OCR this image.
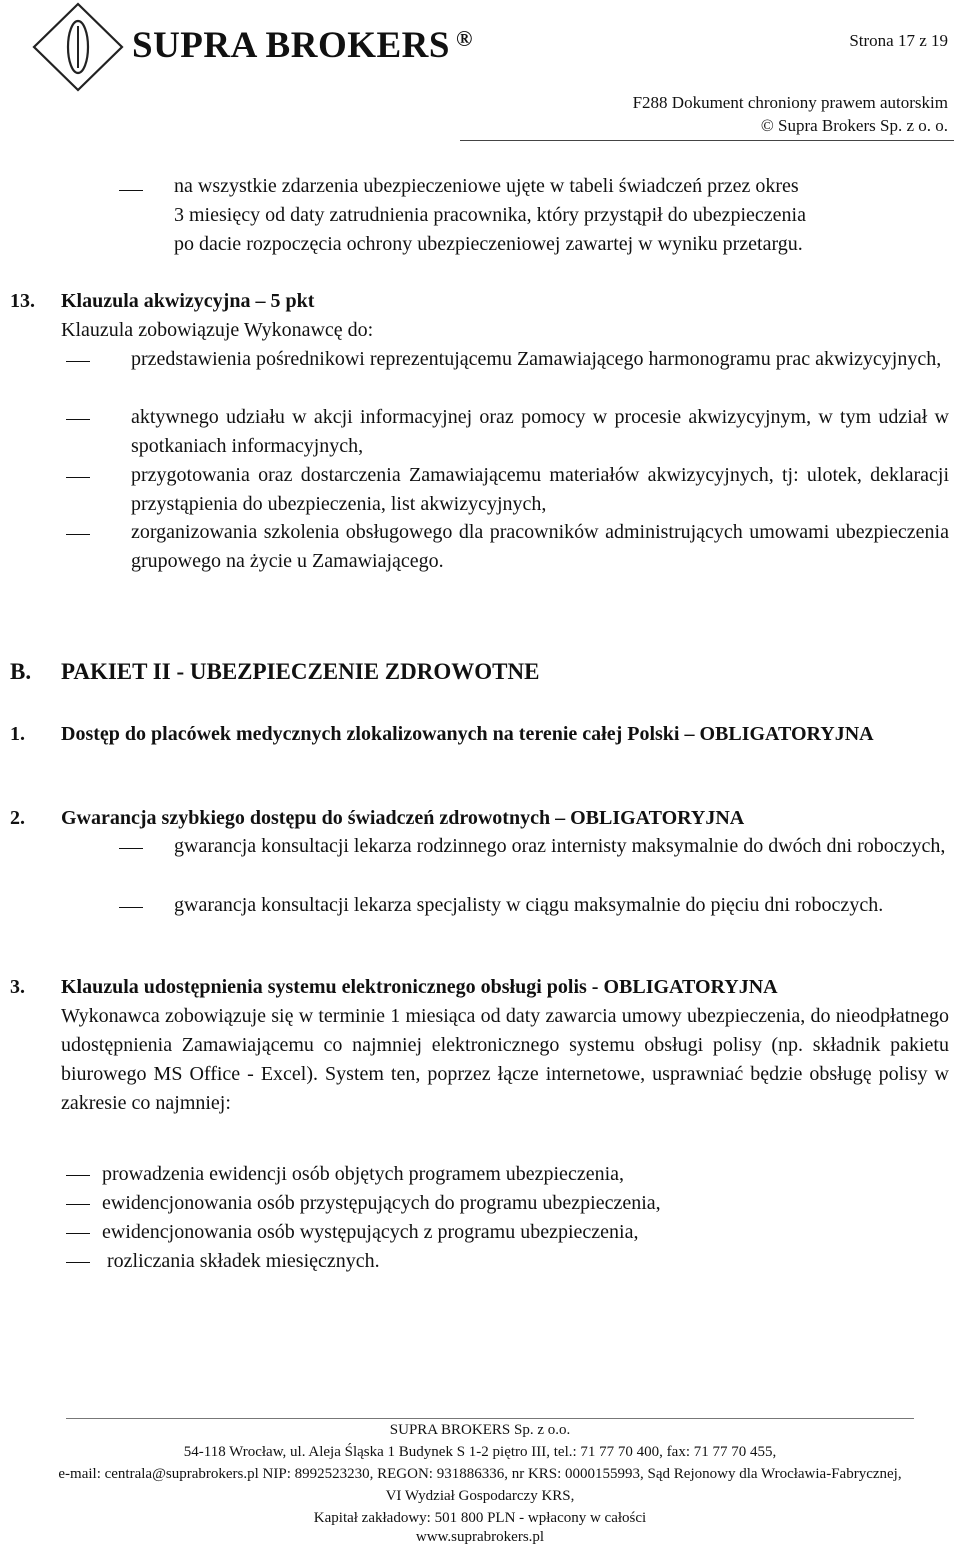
SUPRA BROKERS ®	Strona 17 z 19
F288 Dokument chroniony prawem autorskim
© Supra Brokers Sp. z o. o.
na wszystkie zdarzenia ubezpieczeniowe ujęte w tabeli świadczeń przez okres
3 miesięcy od daty zatrudnienia pracownika, który przystąpił do ubezpieczenia
po dacie rozpoczęcia ochrony ubezpieczeniowej zawartej w wyniku przetargu.
13. Klauzula akwizycyjna – 5 pkt
Klauzula zobowiązuje Wykonawcę do:
przedstawienia pośrednikowi reprezentującemu Zamawiającego harmonogramu prac akwizycyjnych,
aktywnego udziału w akcji informacyjnej oraz pomocy w procesie akwizycyjnym, w tym udział w spotkaniach informacyjnych,
przygotowania oraz dostarczenia Zamawiającemu materiałów akwizycyjnych, tj: ulotek, deklaracji przystąpienia do ubezpieczenia, list akwizycyjnych,
zorganizowania szkolenia obsługowego dla pracowników administrujących umowami ubezpieczenia grupowego na życie u Zamawiającego.
B. PAKIET II - UBEZPIECZENIE ZDROWOTNE
1. Dostęp do placówek medycznych zlokalizowanych na terenie całej Polski – OBLIGATORYJNA
2. Gwarancja szybkiego dostępu do świadczeń zdrowotnych – OBLIGATORYJNA
gwarancja konsultacji lekarza rodzinnego oraz internisty maksymalnie do dwóch dni roboczych,
gwarancja konsultacji lekarza specjalisty w ciągu maksymalnie do pięciu dni roboczych.
3. Klauzula udostępnienia systemu elektronicznego obsługi polis - OBLIGATORYJNA
Wykonawca zobowiązuje się w terminie 1 miesiąca od daty zawarcia umowy ubezpieczenia, do nieodpłatnego udostępnienia Zamawiającemu co najmniej elektronicznego systemu obsługi polisy (np. składnik pakietu biurowego MS Office - Excel). System ten, poprzez łącze internetowe, usprawniać będzie obsługę polisy w zakresie co najmniej:
prowadzenia ewidencji osób objętych programem ubezpieczenia,
ewidencjonowania osób przystępujących do programu ubezpieczenia,
ewidencjonowania osób występujących z programu ubezpieczenia,
rozliczania składek miesięcznych.
SUPRA BROKERS Sp. z o.o.
54-118 Wrocław, ul. Aleja Śląska 1 Budynek S 1-2 piętro III, tel.: 71 77 70 400, fax: 71 77 70 455,
e-mail: centrala@suprabrokers.pl NIP: 8992523230, REGON: 931886336, nr KRS: 0000155993, Sąd Rejonowy dla Wrocławia-Fabrycznej,
VI Wydział Gospodarczy KRS,
Kapitał zakładowy: 501 800 PLN - wpłacony w całości
www.suprabrokers.pl
